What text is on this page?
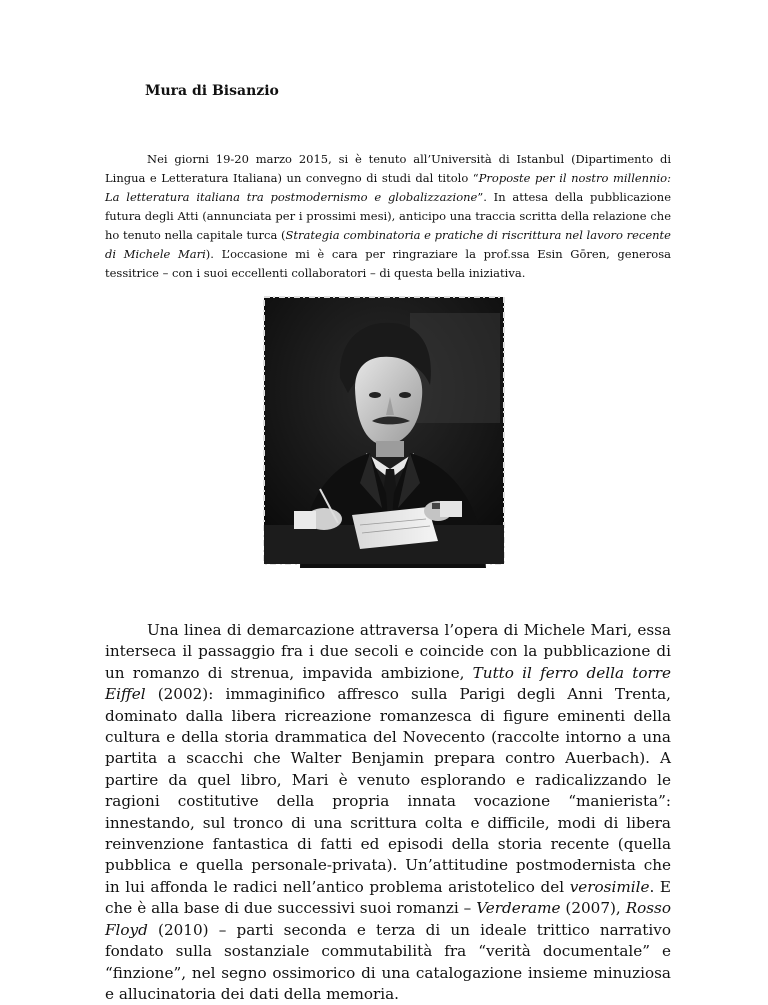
Mura di Bisanzio

Nei giorni 19-20 marzo 2015, si è tenuto all’Università di Istanbul (Dipartimento di Lingua e Letteratura Italiana) un convegno di studi dal titolo “Proposte per il nostro millennio: La letteratura italiana tra postmodernismo e globalizzazione”. In attesa della pubblicazione futura degli Atti (annunciata per i prossimi mesi), anticipo una traccia scritta della relazione che ho tenuto nella capitale turca (Strategia combinatoria e pratiche di riscrittura nel lavoro recente di Michele Mari). L’occasione mi è cara per ringraziare la prof.ssa Esin Gōren, generosa tessitrice – con i suoi eccellenti collaboratori – di questa bella iniziativa.

Una linea di demarcazione attraversa l’opera di Michele Mari, essa interseca il passaggio fra i due secoli e coincide con la pubblicazione di un romanzo di strenua, impavida ambizione, Tutto il ferro della torre Eiffel (2002): immaginifico affresco sulla Parigi degli Anni Trenta, dominato dalla libera ricreazione romanzesca di figure eminenti della cultura e della storia drammatica del Novecento (raccolte intorno a una partita a scacchi che Walter Benjamin prepara contro Auerbach). A partire da quel libro, Mari è venuto esplorando e radicalizzando le ragioni costitutive della propria innata vocazione “manierista”: innestando, sul tronco di una scrittura colta e difficile, modi di libera reinvenzione fantastica di fatti ed episodi della storia recente (quella pubblica e quella personale-privata). Un’attitudine postmodernista che in lui affonda le radici nell’antico problema aristotelico del verosimile. E che è alla base di due successivi suoi romanzi – Verderame (2007), Rosso Floyd (2010) – parti seconda e terza di un ideale trittico narrativo fondato sulla sostanziale commutabilità fra “verità documentale” e “finzione”, nel segno ossimorico di una catalogazione insieme minuziosa e allucinatoria dei dati della memoria.
